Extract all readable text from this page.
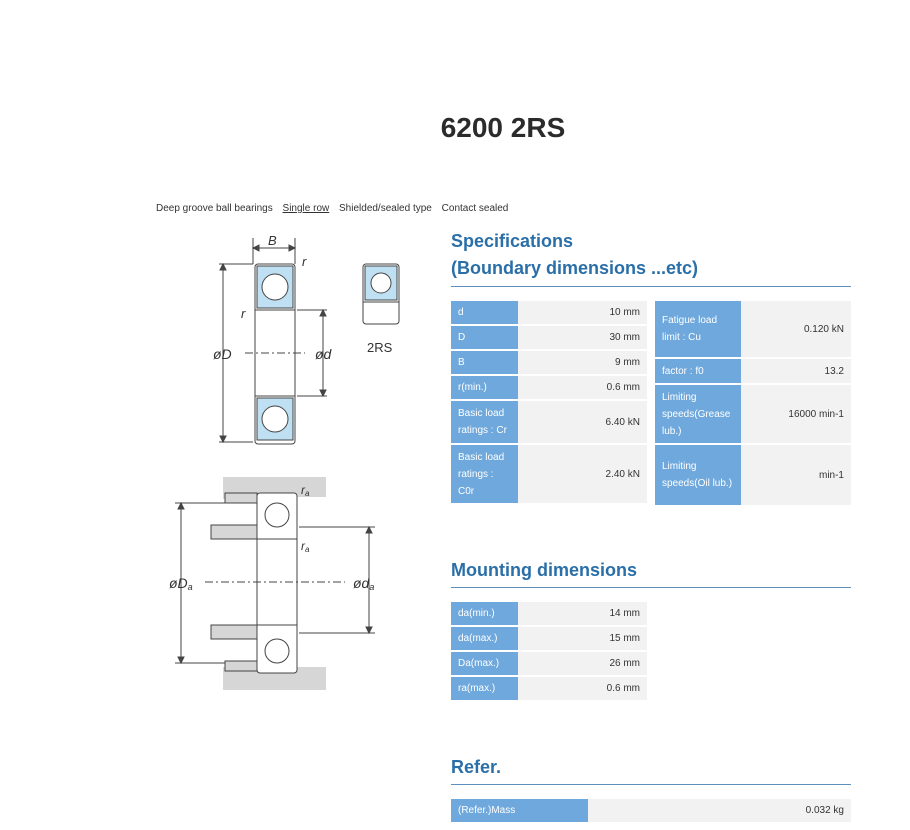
6200 2RS
Deep groove ball bearings Single row Shielded/sealed type Contact sealed
B
r
r
øD	ød	2RS
ra
ra
øDa	øda
Specifications
(Boundary dimensions ...etc)
d	10 mm
D	30 mm
B	9 mm
r(min.)	0.6 mm
Basic load ratings : Cr	6.40 kN
Basic load ratings : C0r	2.40 kN
Fatigue load limit : Cu	0.120 kN
factor : f0	13.2
Limiting speeds(Grease lub.)	16000 min-1
Limiting speeds(Oil lub.)	min-1
Mounting dimensions
da(min.)	14 mm
da(max.)	15 mm
Da(max.)	26 mm
ra(max.)	0.6 mm
Refer.
(Refer.)Mass	0.032 kg
